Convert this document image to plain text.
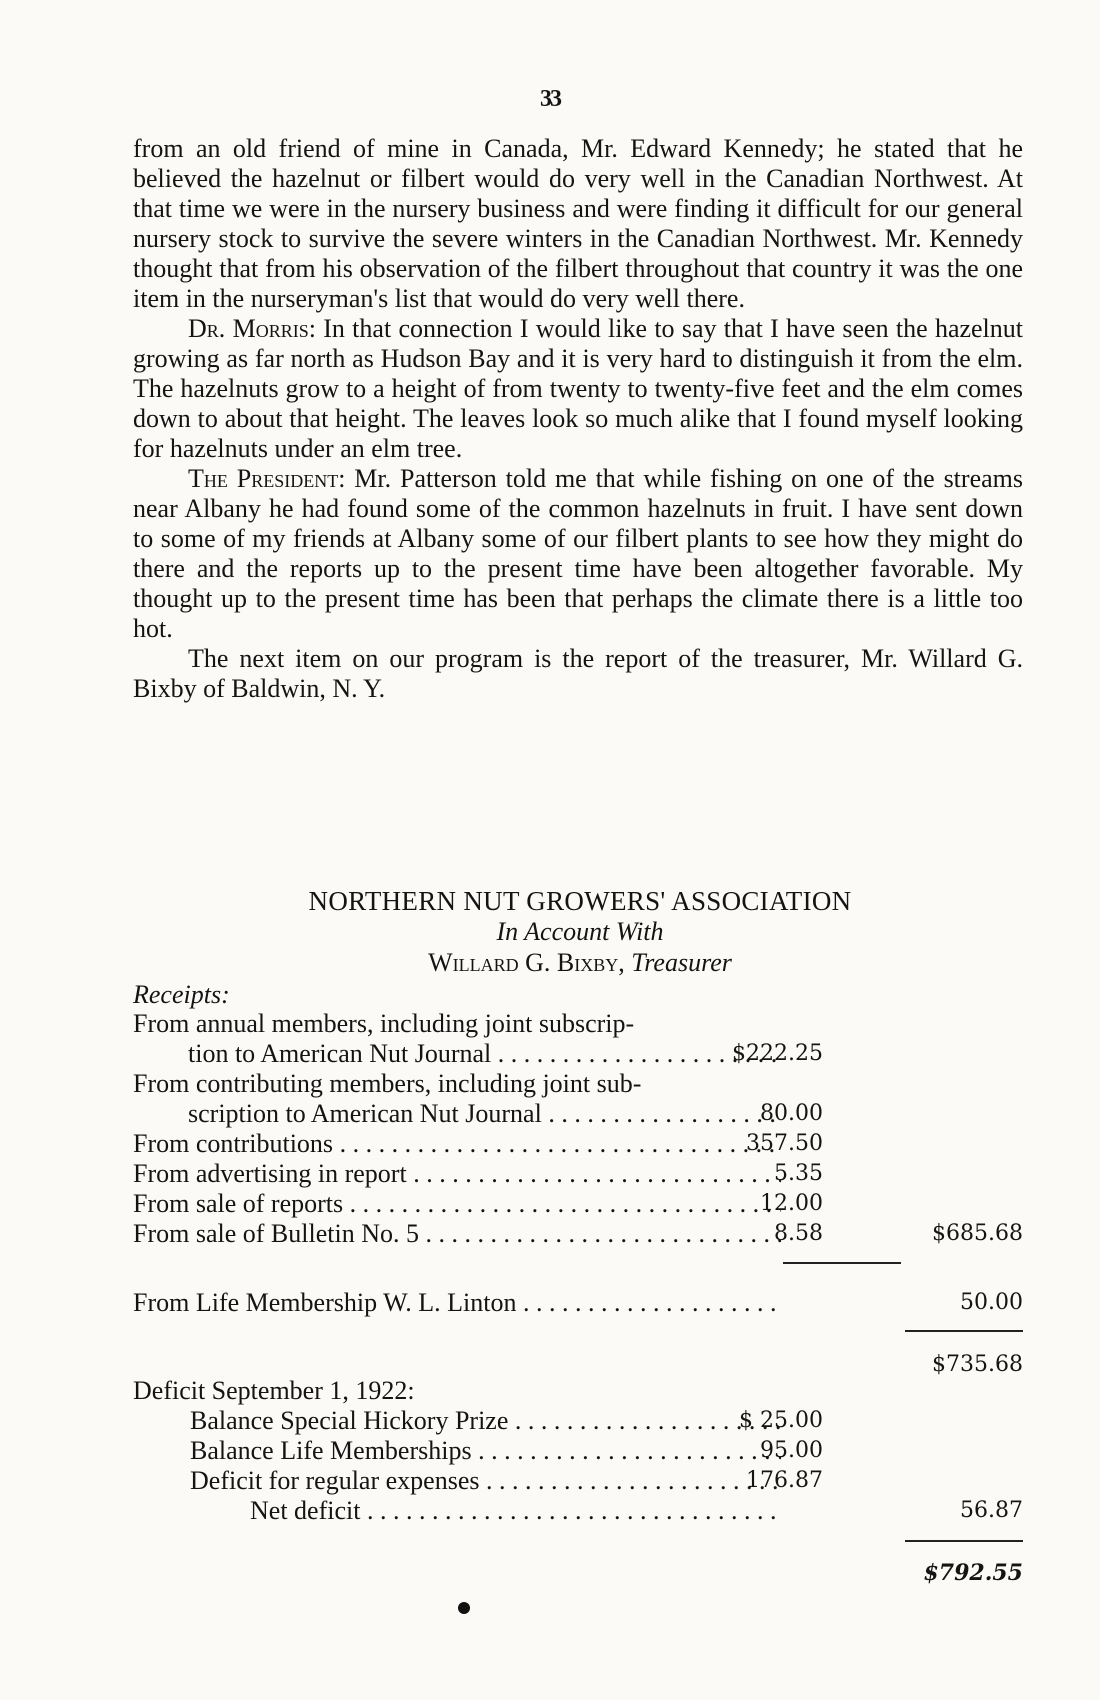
33

from an old friend of mine in Canada, Mr. Edward Kennedy; he stated that he believed the hazelnut or filbert would do very well in the Canadian Northwest. At that time we were in the nursery business and were finding it difficult for our general nursery stock to survive the severe winters in the Canadian Northwest. Mr. Kennedy thought that from his observation of the filbert throughout that country it was the one item in the nurseryman's list that would do very well there.

Dr. Morris: In that connection I would like to say that I have seen the hazelnut growing as far north as Hudson Bay and it is very hard to distinguish it from the elm. The hazelnuts grow to a height of from twenty to twenty-five feet and the elm comes down to about that height. The leaves look so much alike that I found myself looking for hazelnuts under an elm tree.

The President: Mr. Patterson told me that while fishing on one of the streams near Albany he had found some of the common hazelnuts in fruit. I have sent down to some of my friends at Albany some of our filbert plants to see how they might do there and the reports up to the present time have been altogether favorable. My thought up to the present time has been that perhaps the climate there is a little too hot.

The next item on our program is the report of the treasurer, Mr. Willard G. Bixby of Baldwin, N. Y.

NORTHERN NUT GROWERS' ASSOCIATION
In Account With
Willard G. Bixby, Treasurer
Receipts:
From annual members, including joint subscrip-
tion to American Nut Journal . . .	$222.25
From contributing members, including joint sub-
scription to American Nut Journal . . .	80.00
From contributions . . .	357.50
From advertising in report . . .	5.35
From sale of reports . . .	12.00
From sale of Bulletin No. 5 . . .	8.58	$685.68
From Life Membership W. L. Linton . . .	50.00
$735.68
Deficit September 1, 1922:
Balance Special Hickory Prize . . .	$ 25.00
Balance Life Memberships . . .	95.00
Deficit for regular expenses . . .	176.87
Net deficit . . .	56.87
$792.55
